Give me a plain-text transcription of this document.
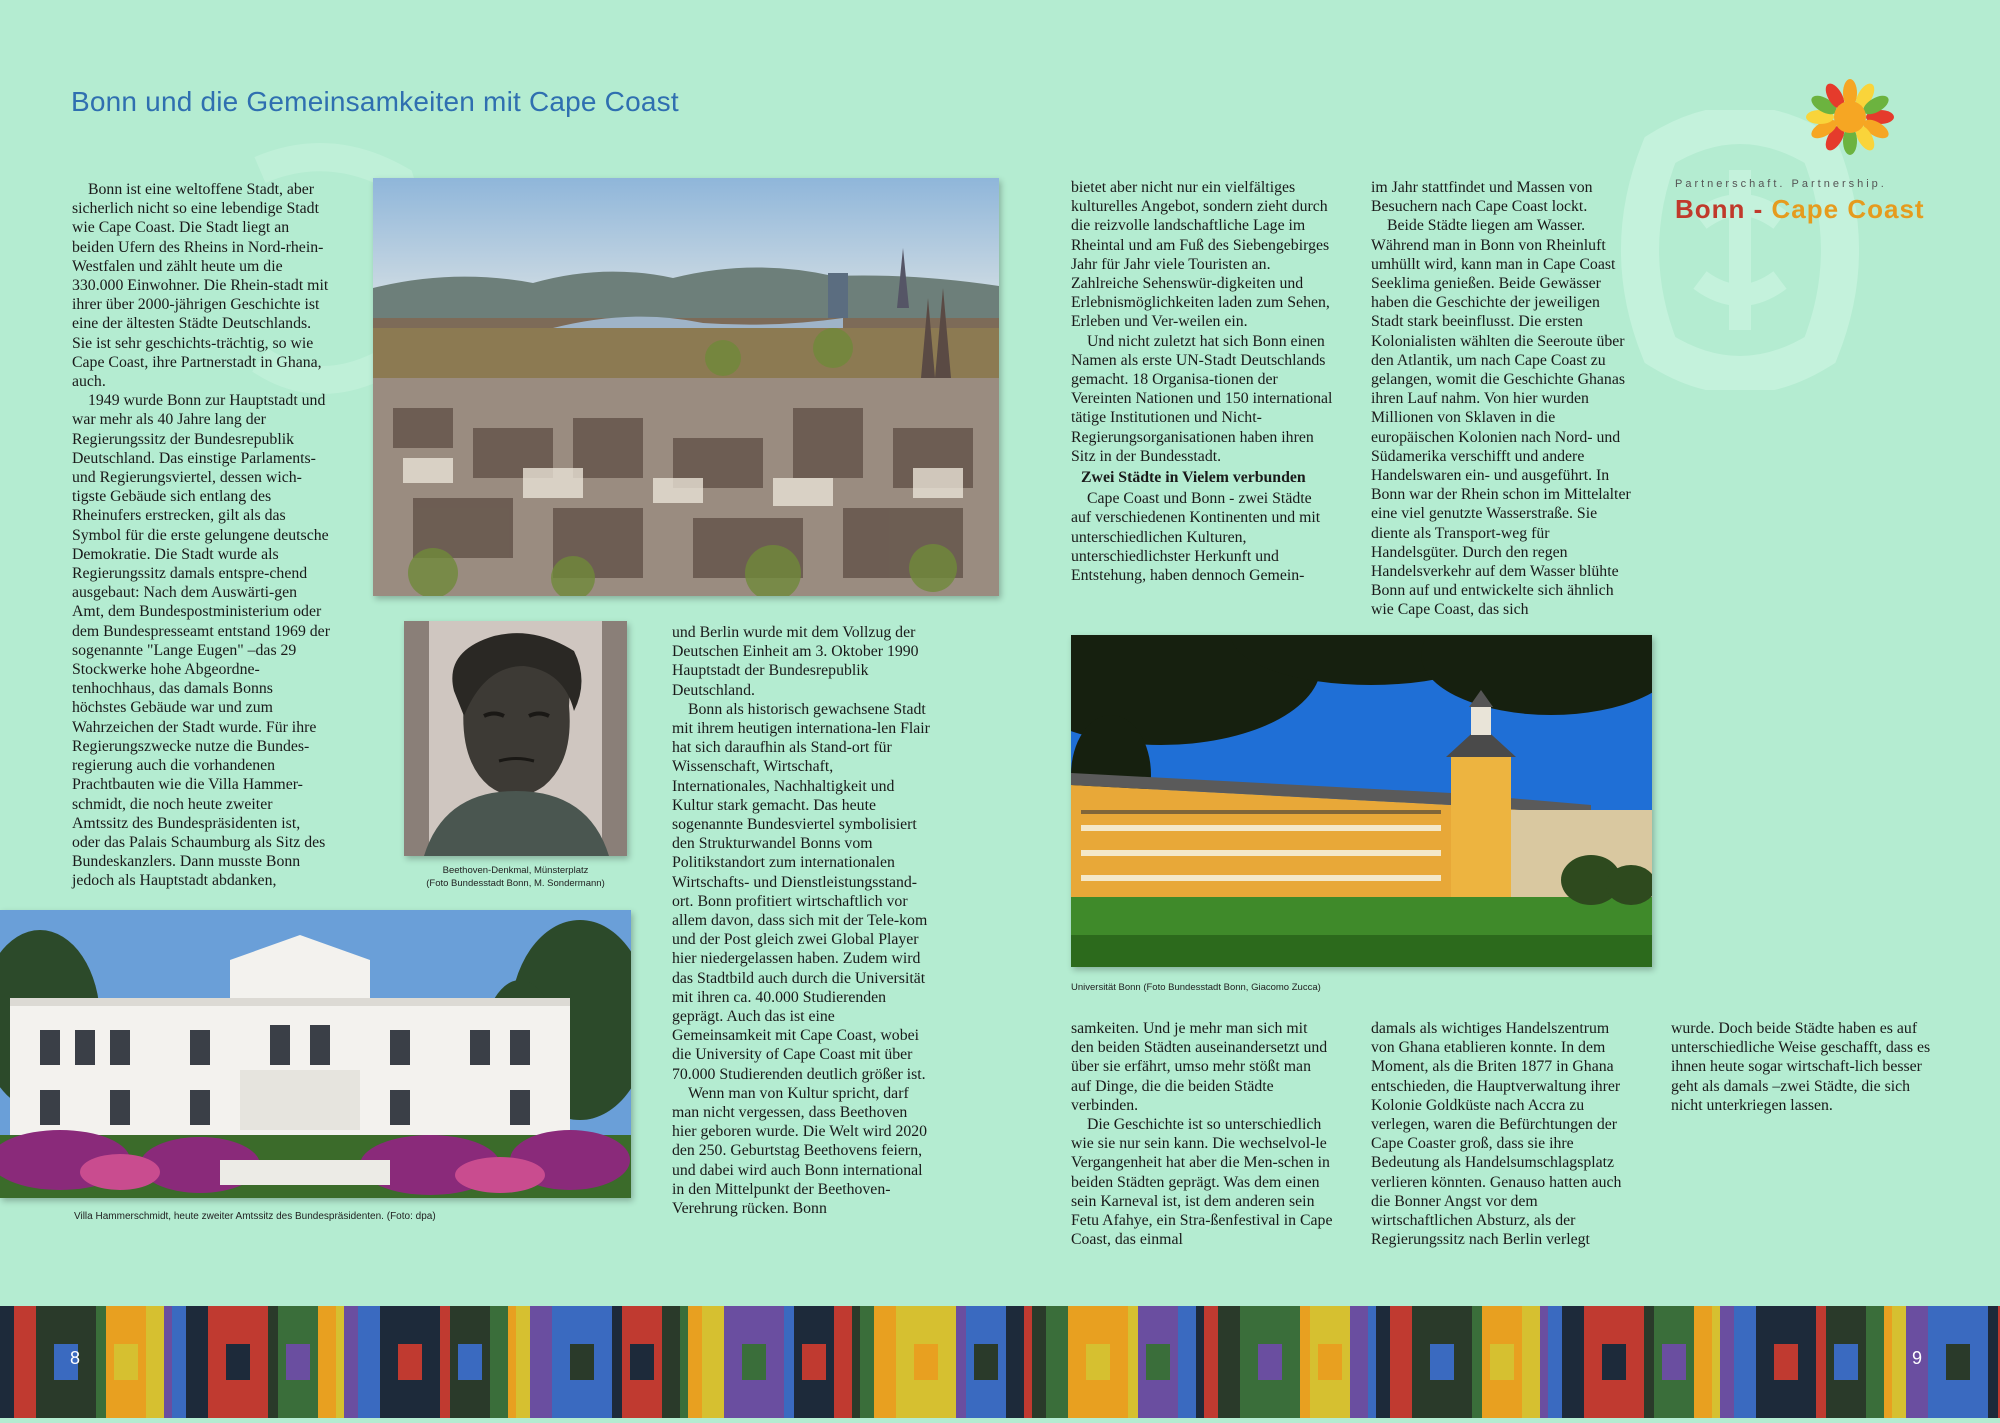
Bonn und die Gemeinsamkeiten mit Cape Coast
Partnerschaft. Partnership.
Bonn - Cape Coast

Bonn ist eine weltoffene Stadt, aber sicherlich nicht so eine lebendige Stadt wie Cape Coast. Die Stadt liegt an beiden Ufern des Rheins in Nord-rhein-Westfalen und zählt heute um die 330.000 Einwohner. Die Rhein-stadt mit ihrer über 2000-jährigen Geschichte ist eine der ältesten Städte Deutschlands. Sie ist sehr geschichts-trächtig, so wie Cape Coast, ihre Partnerstadt in Ghana, auch.

1949 wurde Bonn zur Hauptstadt und war mehr als 40 Jahre lang der Regierungssitz der Bundesrepublik Deutschland. Das einstige Parlaments- und Regierungsviertel, dessen wich-tigste Gebäude sich entlang des Rheinufers erstrecken, gilt als das Symbol für die erste gelungene deutsche Demokratie. Die Stadt wurde als Regierungssitz damals entspre-chend ausgebaut: Nach dem Auswärti-gen Amt, dem Bundespostministerium oder dem Bundespresseamt entstand 1969 der sogenannte "Lange Eugen" –das 29 Stockwerke hohe Abgeordne-tenhochhaus, das damals Bonns höchstes Gebäude war und zum Wahrzeichen der Stadt wurde. Für ihre Regierungszwecke nutze die Bundes-regierung auch die vorhandenen Prachtbauten wie die Villa Hammer-schmidt, die noch heute zweiter Amtssitz des Bundespräsidenten ist, oder das Palais Schaumburg als Sitz des Bundeskanzlers. Dann musste Bonn jedoch als Hauptstadt abdanken,

Beethoven-Denkmal, Münsterplatz
(Foto Bundesstadt Bonn, M. Sondermann)
Villa Hammerschmidt, heute zweiter Amtssitz des Bundespräsidenten. (Foto: dpa)

und Berlin wurde mit dem Vollzug der Deutschen Einheit am 3. Oktober 1990 Hauptstadt der Bundesrepublik Deutschland.

Bonn als historisch gewachsene Stadt mit ihrem heutigen internationa-len Flair hat sich daraufhin als Stand-ort für Wissenschaft, Wirtschaft, Internationales, Nachhaltigkeit und Kultur stark gemacht. Das heute sogenannte Bundesviertel symbolisiert den Strukturwandel Bonns vom Politikstandort zum internationalen Wirtschafts- und Dienstleistungsstand-ort. Bonn profitiert wirtschaftlich vor allem davon, dass sich mit der Tele-kom und der Post gleich zwei Global Player hier niedergelassen haben. Zudem wird das Stadtbild auch durch die Universität mit ihren ca. 40.000 Studierenden geprägt. Auch das ist eine Gemeinsamkeit mit Cape Coast, wobei die University of Cape Coast mit über 70.000 Studierenden deutlich größer ist.

Wenn man von Kultur spricht, darf man nicht vergessen, dass Beethoven hier geboren wurde. Die Welt wird 2020 den 250. Geburtstag Beethovens feiern, und dabei wird auch Bonn international in den Mittelpunkt der Beethoven-Verehrung rücken. Bonn

bietet aber nicht nur ein vielfältiges kulturelles Angebot, sondern zieht durch die reizvolle landschaftliche Lage im Rheintal und am Fuß des Siebengebirges Jahr für Jahr viele Touristen an. Zahlreiche Sehenswür-digkeiten und Erlebnismöglichkeiten laden zum Sehen, Erleben und Ver-weilen ein.

Und nicht zuletzt hat sich Bonn einen Namen als erste UN-Stadt Deutschlands gemacht. 18 Organisa-tionen der Vereinten Nationen und 150 international tätige Institutionen und Nicht-Regierungsorganisationen haben ihren Sitz in der Bundesstadt.

Zwei Städte in Vielem verbunden

Cape Coast und Bonn - zwei Städte auf verschiedenen Kontinenten und mit unterschiedlichen Kulturen, unterschiedlichster Herkunft und Entstehung, haben dennoch Gemein-

im Jahr stattfindet und Massen von Besuchern nach Cape Coast lockt.

Beide Städte liegen am Wasser. Während man in Bonn von Rheinluft umhüllt wird, kann man in Cape Coast Seeklima genießen. Beide Gewässer haben die Geschichte der jeweiligen Stadt stark beeinflusst. Die ersten Kolonialisten wählten die Seeroute über den Atlantik, um nach Cape Coast zu gelangen, womit die Geschichte Ghanas ihren Lauf nahm. Von hier wurden Millionen von Sklaven in die europäischen Kolonien nach Nord- und Südamerika verschifft und andere Handelswaren ein- und ausgeführt. In Bonn war der Rhein schon im Mittelalter eine viel genutzte Wasserstraße. Sie diente als Transport-weg für Handelsgüter. Durch den regen Handelsverkehr auf dem Wasser blühte Bonn auf und entwickelte sich ähnlich wie Cape Coast, das sich

Universität Bonn (Foto Bundesstadt Bonn, Giacomo Zucca)

samkeiten. Und je mehr man sich mit den beiden Städten auseinandersetzt und über sie erfährt, umso mehr stößt man auf Dinge, die die beiden Städte verbinden.

Die Geschichte ist so unterschiedlich wie sie nur sein kann. Die wechselvol-le Vergangenheit hat aber die Men-schen in beiden Städten geprägt. Was dem einen sein Karneval ist, ist dem anderen sein Fetu Afahye, ein Stra-ßenfestival in Cape Coast, das einmal

damals als wichtiges Handelszentrum von Ghana etablieren konnte. In dem Moment, als die Briten 1877 in Ghana entschieden, die Hauptverwaltung ihrer Kolonie Goldküste nach Accra zu verlegen, waren die Befürchtungen der Cape Coaster groß, dass sie ihre Bedeutung als Handelsumschlagsplatz verlieren könnten. Genauso hatten auch die Bonner Angst vor dem wirtschaftlichen Absturz, als der Regierungssitz nach Berlin verlegt

wurde. Doch beide Städte haben es auf unterschiedliche Weise geschafft, dass es ihnen heute sogar wirtschaft-lich besser geht als damals –zwei Städte, die sich nicht unterkriegen lassen.

8	9
